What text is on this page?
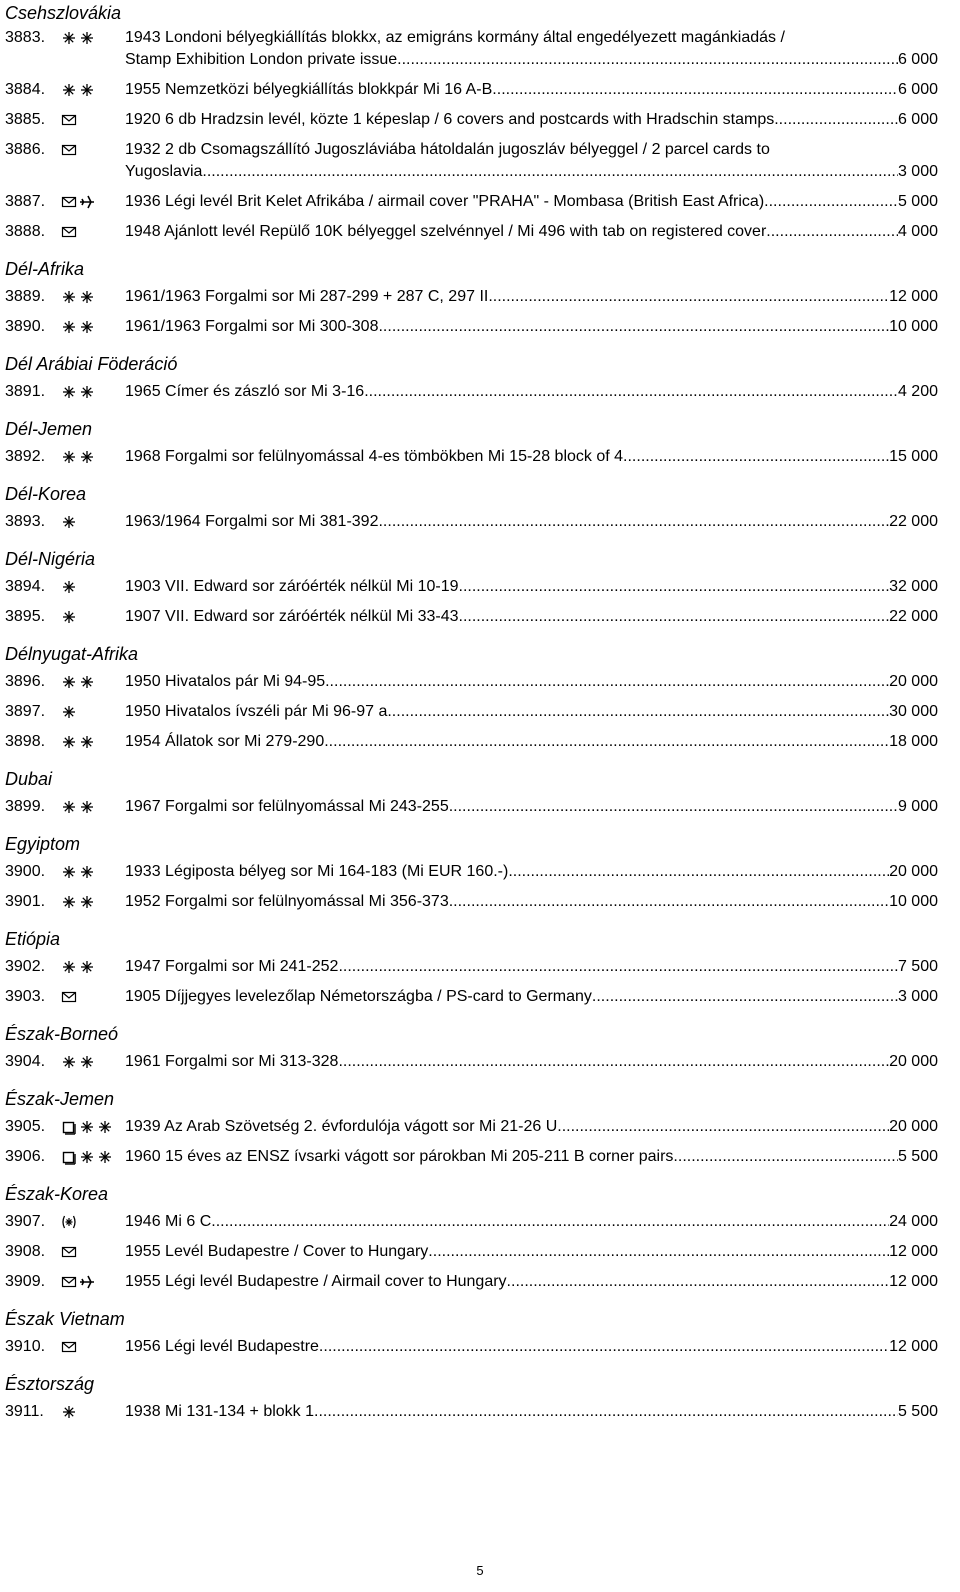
Csehszlovákia
3883.	1943 Londoni bélyegkiállítás blokkx, az emigráns kormány által engedélyezett magánkiadás /
Stamp Exhibition London private issue. .....	6 000
3884.	1955 Nemzetközi bélyegkiállítás blokkpár Mi 16 A-B .....	6 000
3885.	1920 6 db Hradzsin levél, közte 1 képeslap / 6 covers and postcards with Hradschin stamps .....	6 000
3886.	1932 2 db Csomagszállító Jugoszláviába hátoldalán jugoszláv bélyeggel / 2 parcel cards to
Yugoslavia .....	3 000
3887.	1936 Légi levél Brit Kelet Afrikába / airmail cover "PRAHA" - Mombasa (British East Africa) .....	5 000
3888.	1948 Ajánlott levél Repülő 10K bélyeggel szelvénnyel / Mi 496 with tab on registered cover .....	4 000
Dél-Afrika
3889.	1961/1963 Forgalmi sor Mi 287-299 + 287 C, 297 II .....	12 000
3890.	1961/1963 Forgalmi sor Mi 300-308 .....	10 000
Dél Arábiai Föderáció
3891.	1965 Címer és zászló sor Mi 3-16 .....	4 200
Dél-Jemen
3892.	1968 Forgalmi sor felülnyomással 4-es tömbökben Mi 15-28 block of 4 .....	15 000
Dél-Korea
3893.	1963/1964 Forgalmi sor Mi 381-392 .....	22 000
Dél-Nigéria
3894.	1903 VII. Edward sor záróérték nélkül Mi 10-19 .....	32 000
3895.	1907 VII. Edward sor záróérték nélkül Mi 33-43 .....	22 000
Délnyugat-Afrika
3896.	1950 Hivatalos pár Mi 94-95 .....	20 000
3897.	1950 Hivatalos ívszéli pár Mi 96-97 a .....	30 000
3898.	1954 Állatok sor Mi 279-290 .....	18 000
Dubai
3899.	1967 Forgalmi sor felülnyomással Mi 243-255 .....	9 000
Egyiptom
3900.	1933 Légiposta bélyeg sor Mi 164-183 (Mi EUR 160.-) .....	20 000
3901.	1952 Forgalmi sor felülnyomással Mi 356-373 .....	10 000
Etiópia
3902.	1947 Forgalmi sor Mi 241-252 .....	7 500
3903.	1905 Díjjegyes levelezőlap Németországba / PS-card to Germany .....	3 000
Észak-Borneó
3904.	1961 Forgalmi sor Mi 313-328 .....	20 000
Észak-Jemen
3905.	1939 Az Arab Szövetség 2. évfordulója vágott sor Mi 21-26 U .....	20 000
3906.	1960 15 éves az ENSZ ívsarki vágott sor párokban Mi 205-211 B corner pairs .....	5 500
Észak-Korea
3907.	1946 Mi 6 C .....	24 000
3908.	1955 Levél Budapestre / Cover to Hungary .....	12 000
3909.	1955 Légi levél Budapestre / Airmail cover to Hungary .....	12 000
Észak Vietnam
3910.	1956 Légi levél Budapestre .....	12 000
Észtország
3911.	1938 Mi 131-134 + blokk 1 .....	5 500
5
